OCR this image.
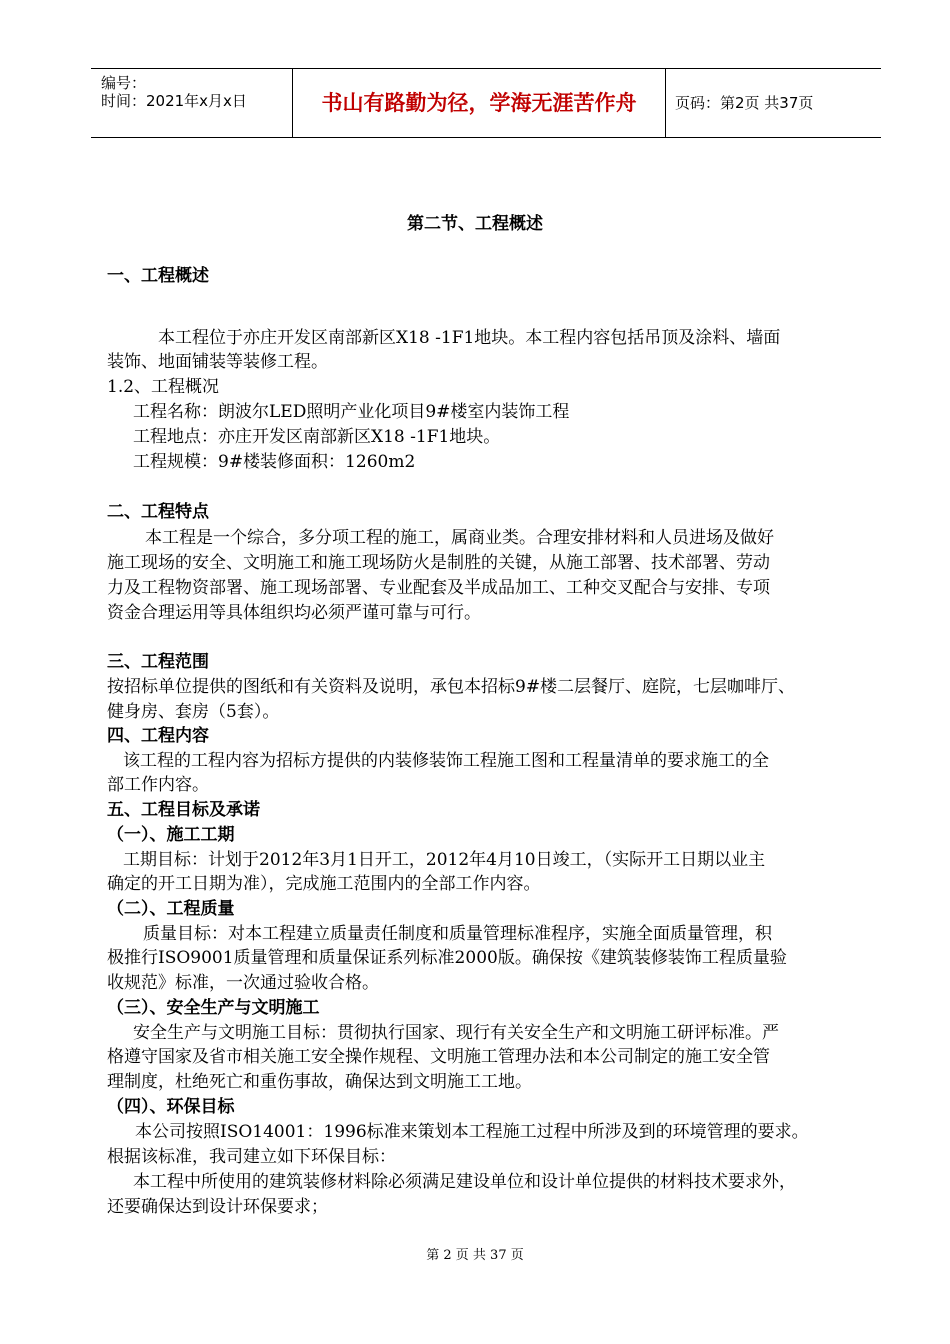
编号：
时间：2021年x月x日	书山有路勤为径，学海无涯苦作舟	页码：第2页 共37页
第二节、工程概述
一、工程概述
本工程位于亦庄开发区南部新区X18 -1F1地块。本工程内容包括吊顶及涂料、墙面
装饰、地面铺装等装修工程。
1.2、工程概况
工程名称：朗波尔LED照明产业化项目9#楼室内装饰工程
工程地点：亦庄开发区南部新区X18 -1F1地块。
工程规模：9#楼装修面积：1260m2
二、工程特点
本工程是一个综合，多分项工程的施工，属商业类。合理安排材料和人员进场及做好
施工现场的安全、文明施工和施工现场防火是制胜的关键，从施工部署、技术部署、劳动
力及工程物资部署、施工现场部署、专业配套及半成品加工、工种交叉配合与安排、专项
资金合理运用等具体组织均必须严谨可靠与可行。
三、工程范围
按招标单位提供的图纸和有关资料及说明，承包本招标9#楼二层餐厅、庭院，七层咖啡厅、
健身房、套房（5套）。
四、工程内容
该工程的工程内容为招标方提供的内装修装饰工程施工图和工程量清单的要求施工的全
部工作内容。
五、工程目标及承诺
（一）、施工工期
工期目标：计划于2012年3月1日开工，2012年4月10日竣工，（实际开工日期以业主
确定的开工日期为准），完成施工范围内的全部工作内容。
（二）、工程质量
质量目标：对本工程建立质量责任制度和质量管理标准程序，实施全面质量管理，积
极推行ISO9001质量管理和质量保证系列标准2000版。确保按《建筑装修装饰工程质量验
收规范》标准，一次通过验收合格。
（三）、安全生产与文明施工
安全生产与文明施工目标：贯彻执行国家、现行有关安全生产和文明施工研评标准。严
格遵守国家及省市相关施工安全操作规程、文明施工管理办法和本公司制定的施工安全管
理制度，杜绝死亡和重伤事故，确保达到文明施工工地。
（四）、环保目标
本公司按照ISO14001：1996标准来策划本工程施工过程中所涉及到的环境管理的要求。
根据该标准，我司建立如下环保目标：
本工程中所使用的建筑装修材料除必须满足建设单位和设计单位提供的材料技术要求外，
还要确保达到设计环保要求；
第 2 页 共 37 页
